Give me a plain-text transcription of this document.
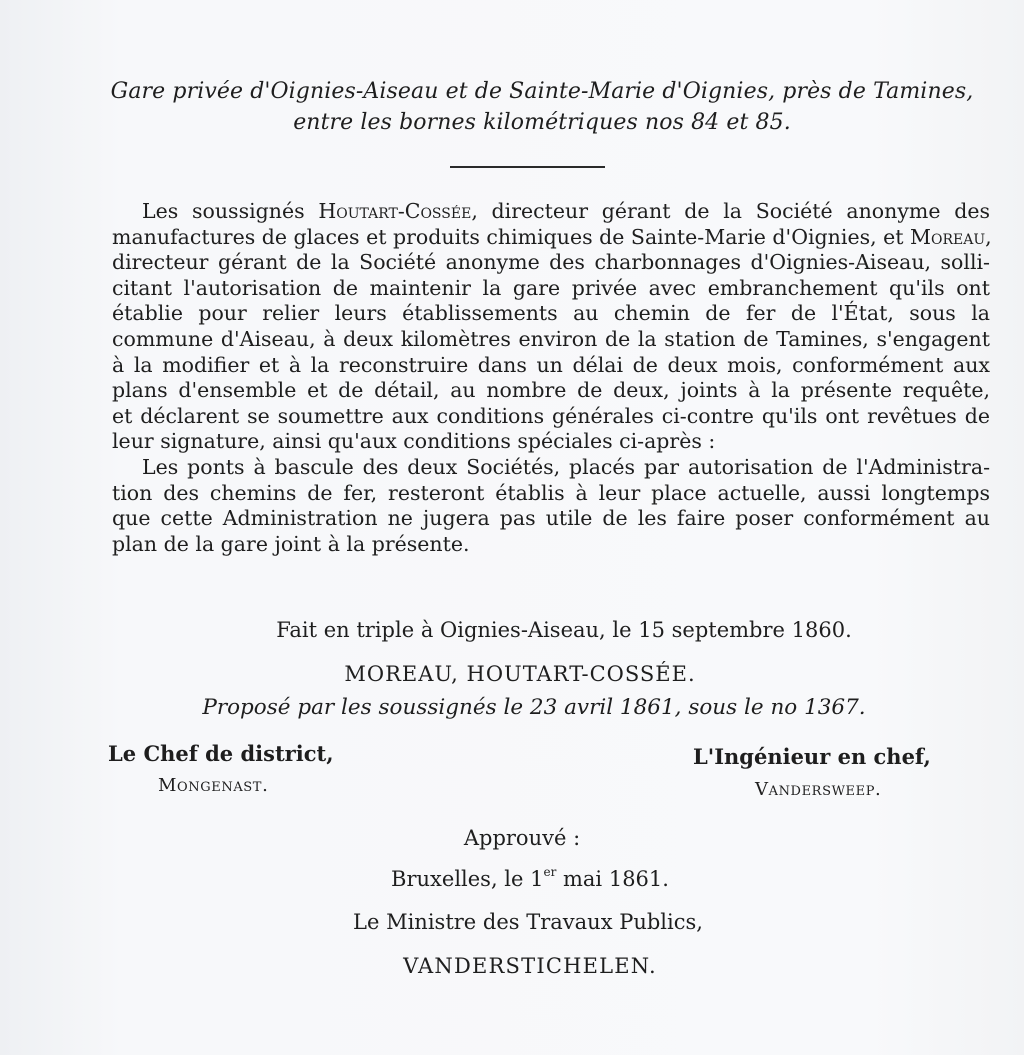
Gare privée d'Oignies-Aiseau et de Sainte-Marie d'Oignies, près de Tamines,
entre les bornes kilométriques nos 84 et 85.
Les soussignés Houtart-Cossée, directeur gérant de la Société anonyme des
manufactures de glaces et produits chimiques de Sainte-Marie d'Oignies, et Moreau,
directeur gérant de la Société anonyme des charbonnages d'Oignies-Aiseau, solli-
citant l'autorisation de maintenir la gare privée avec embranchement qu'ils ont
établie pour relier leurs établissements au chemin de fer de l'État, sous la
commune d'Aiseau, à deux kilomètres environ de la station de Tamines, s'engagent
à la modifier et à la reconstruire dans un délai de deux mois, conformément aux
plans d'ensemble et de détail, au nombre de deux, joints à la présente requête,
et déclarent se soumettre aux conditions générales ci-contre qu'ils ont revêtues de
leur signature, ainsi qu'aux conditions spéciales ci-après :
Les ponts à bascule des deux Sociétés, placés par autorisation de l'Administra-
tion des chemins de fer, resteront établis à leur place actuelle, aussi longtemps
que cette Administration ne jugera pas utile de les faire poser conformément au
plan de la gare joint à la présente.
Fait en triple à Oignies-Aiseau, le 15 septembre 1860.
MOREAU, HOUTART-COSSÉE.
Proposé par les soussignés le 23 avril 1861, sous le no 1367.
Le Chef de district,
Mongenast.
L'Ingénieur en chef,
Vandersweep.
Approuvé :
Bruxelles, le 1er mai 1861.
Le Ministre des Travaux Publics,
VANDERSTICHELEN.
